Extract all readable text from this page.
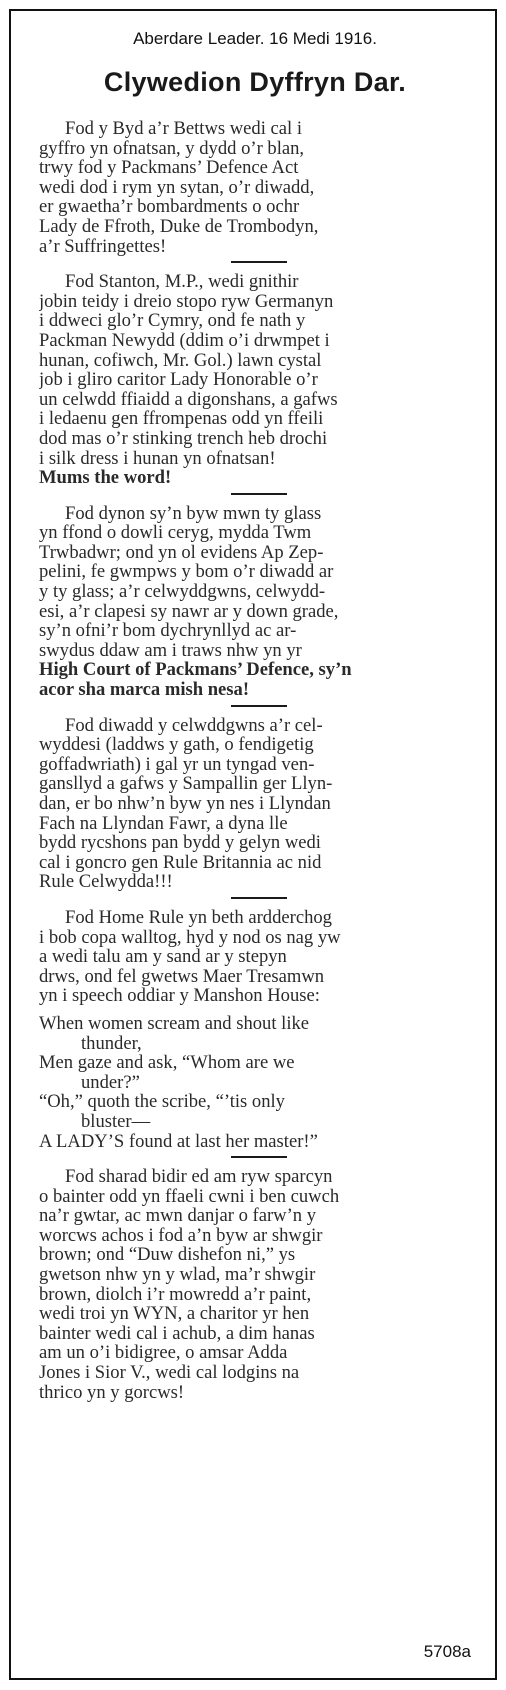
Aberdare Leader. 16 Medi 1916.
Clywedion Dyffryn Dar.
Fod y Byd a’r Bettws wedi cal i
gyffro yn ofnatsan, y dydd o’r blan,
trwy fod y Packmans’ Defence Act
wedi dod i rym yn sytan, o’r diwadd,
er gwaetha’r bombardments o ochr
Lady de Ffroth, Duke de Trombodyn,
a’r Suffringettes!
Fod Stanton, M.P., wedi gnithir
jobin teidy i dreio stopo ryw Germanyn
i ddweci glo’r Cymry, ond fe nath y
Packman Newydd (ddim o’i drwmpet i
hunan, cofiwch, Mr. Gol.) lawn cystal
job i gliro caritor Lady Honorable o’r
un celwdd ffiaidd a digonshans, a gafws
i ledaenu gen ffrompenas odd yn ffeili
dod mas o’r stinking trench heb drochi
i silk dress i hunan yn ofnatsan!
Mums the word!
Fod dynon sy’n byw mwn ty glass
yn ffond o dowli ceryg, mydda Twm
Trwbadwr; ond yn ol evidens Ap Zep-
pelini, fe gwmpws y bom o’r diwadd ar
y ty glass; a’r celwyddgwns, celwydd-
esi, a’r clapesi sy nawr ar y down grade,
sy’n ofni’r bom dychrynllyd ac ar-
swydus ddaw am i traws nhw yn yr
High Court of Packmans’ Defence, sy’n
acor sha marca mish nesa!
Fod diwadd y celwddgwns a’r cel-
wyddesi (laddws y gath, o fendigetig
goffadwriath) i gal yr un tyngad ven-
gansllyd a gafws y Sampallin ger Llyn-
dan, er bo nhw’n byw yn nes i Llyndan
Fach na Llyndan Fawr, a dyna lle
bydd rycshons pan bydd y gelyn wedi
cal i goncro gen Rule Britannia ac nid
Rule Celwydda!!!
Fod Home Rule yn beth ardderchog
i bob copa walltog, hyd y nod os nag yw
a wedi talu am y sand ar y stepyn
drws, ond fel gwetws Maer Tresamwn
yn i speech oddiar y Manshon House:
When women scream and shout like
thunder,
Men gaze and ask, “Whom are we
under?”
“Oh,” quoth the scribe, “’tis only
bluster—
A LADY’S found at last her master!”
Fod sharad bidir ed am ryw sparcyn
o bainter odd yn ffaeli cwni i ben cuwch
na’r gwtar, ac mwn danjar o farw’n y
worcws achos i fod a’n byw ar shwgir
brown; ond “Duw dishefon ni,” ys
gwetson nhw yn y wlad, ma’r shwgir
brown, diolch i’r mowredd a’r paint,
wedi troi yn WYN, a charitor yr hen
bainter wedi cal i achub, a dim hanas
am un o’i bidigree, o amsar Adda
Jones i Sior V., wedi cal lodgins na
thrico yn y gorcws!
5708a
